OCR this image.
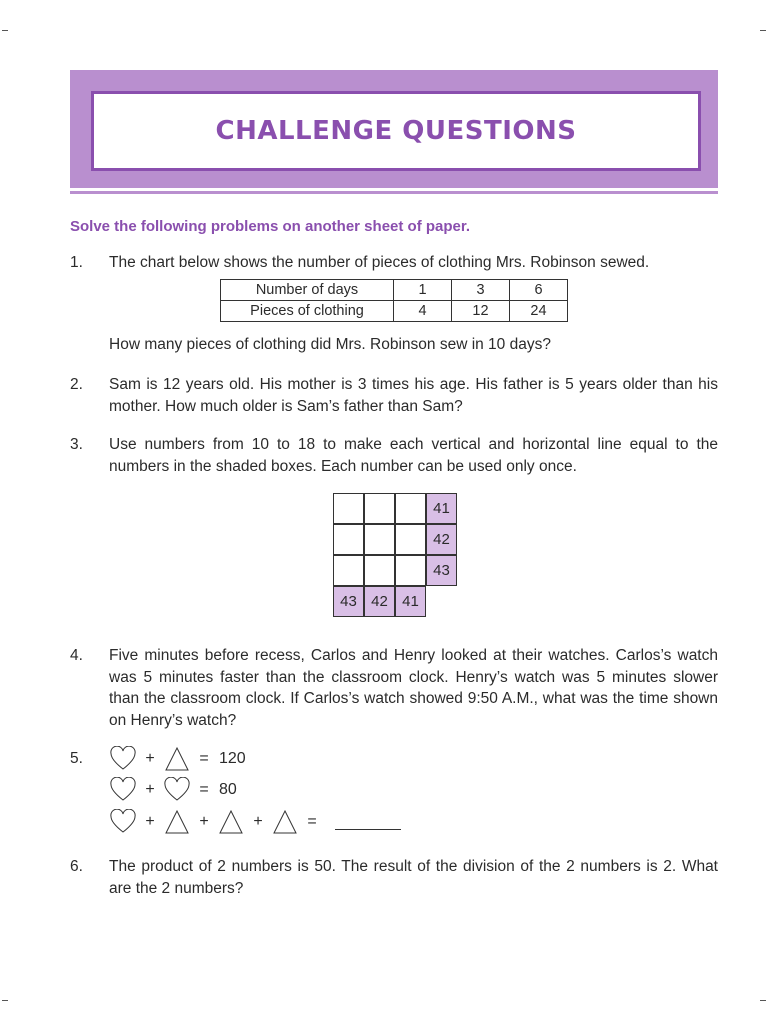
CHALLENGE QUESTIONS
Solve the following problems on another sheet of paper.
1. The chart below shows the number of pieces of clothing Mrs. Robinson sewed.
Number of days	1	3	6
Pieces of clothing	4	12	24
How many pieces of clothing did Mrs. Robinson sew in 10 days?
2. Sam is 12 years old. His mother is 3 times his age. His father is 5 years older than his mother. How much older is Sam’s father than Sam?
3. Use numbers from 10 to 18 to make each vertical and horizontal line equal to the numbers in the shaded boxes. Each number can be used only once.
41
42
43
43 42 41
4. Five minutes before recess, Carlos and Henry looked at their watches. Carlos’s watch was 5 minutes faster than the classroom clock. Henry’s watch was 5 minutes slower than the classroom clock. If Carlos’s watch showed 9:50 A.M., what was the time shown on Henry’s watch?
5.	+	= 120
+	= 80
+	+	+	=
6. The product of 2 numbers is 50. The result of the division of the 2 numbers is 2. What are the 2 numbers?
